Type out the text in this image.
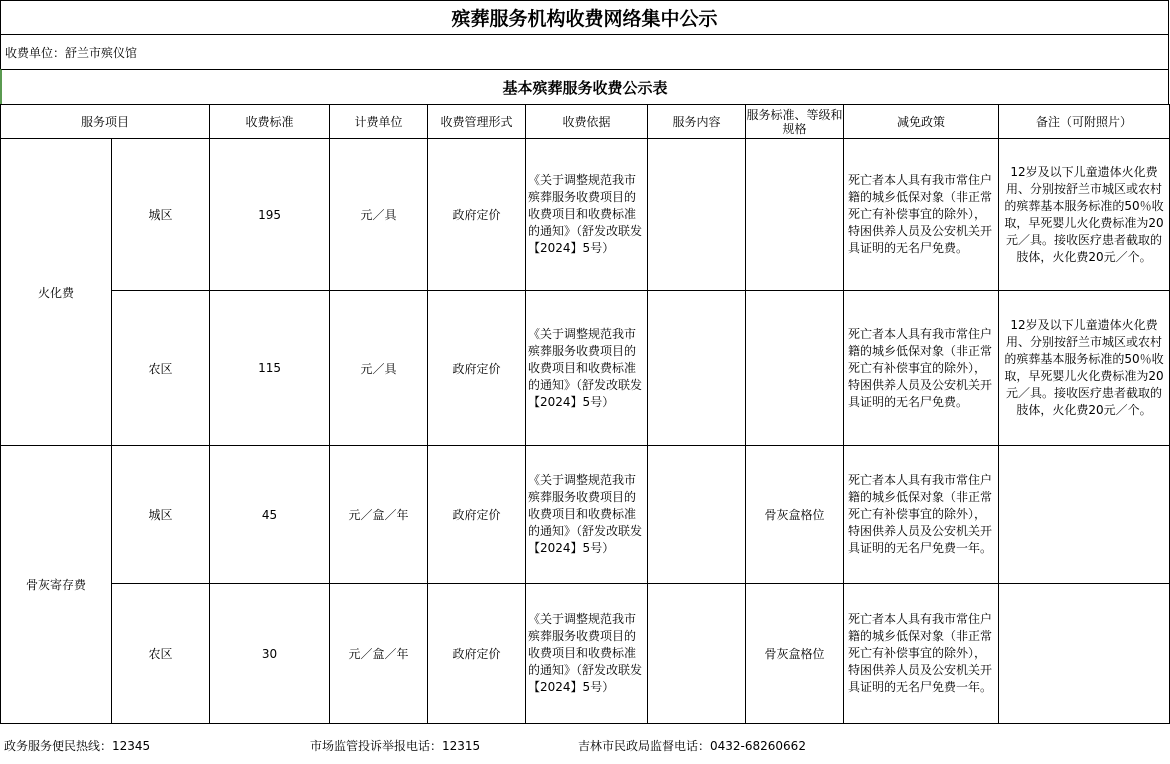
殡葬服务机构收费网络集中公示
收费单位：舒兰市殡仪馆
基本殡葬服务收费公示表
服务项目		收费标准	计费单位	收费管理形式	收费依据	服务内容	服务标准、等级和规格	减免政策	备注（可附照片）
火化费	城区	195	元／具	政府定价	《关于调整规范我市殡葬服务收费项目的收费项目和收费标准的通知》（舒发改联发【2024】5号）			死亡者本人具有我市常住户籍的城乡低保对象（非正常死亡有补偿事宜的除外），特困供养人员及公安机关开具证明的无名尸免费。	12岁及以下儿童遗体火化费用、分别按舒兰市城区或农村的殡葬基本服务标准的50％收取，早死婴儿火化费标准为20元／具。接收医疗患者截取的肢体，火化费20元／个。
	农区	115	元／具	政府定价	《关于调整规范我市殡葬服务收费项目的收费项目和收费标准的通知》（舒发改联发【2024】5号）			死亡者本人具有我市常住户籍的城乡低保对象（非正常死亡有补偿事宜的除外），特困供养人员及公安机关开具证明的无名尸免费。	12岁及以下儿童遗体火化费用、分别按舒兰市城区或农村的殡葬基本服务标准的50％收取，早死婴儿火化费标准为20元／具。接收医疗患者截取的肢体，火化费20元／个。
骨灰寄存费	城区	45	元／盒／年	政府定价	《关于调整规范我市殡葬服务收费项目的收费项目和收费标准的通知》（舒发改联发【2024】5号）		骨灰盒格位	死亡者本人具有我市常住户籍的城乡低保对象（非正常死亡有补偿事宜的除外），特困供养人员及公安机关开具证明的无名尸免费一年。	
	农区	30	元／盒／年	政府定价	《关于调整规范我市殡葬服务收费项目的收费项目和收费标准的通知》（舒发改联发【2024】5号）		骨灰盒格位	死亡者本人具有我市常住户籍的城乡低保对象（非正常死亡有补偿事宜的除外），特困供养人员及公安机关开具证明的无名尸免费一年。	
政务服务便民热线：12345	市场监管投诉举报电话：12315	吉林市民政局监督电话：0432-68260662
